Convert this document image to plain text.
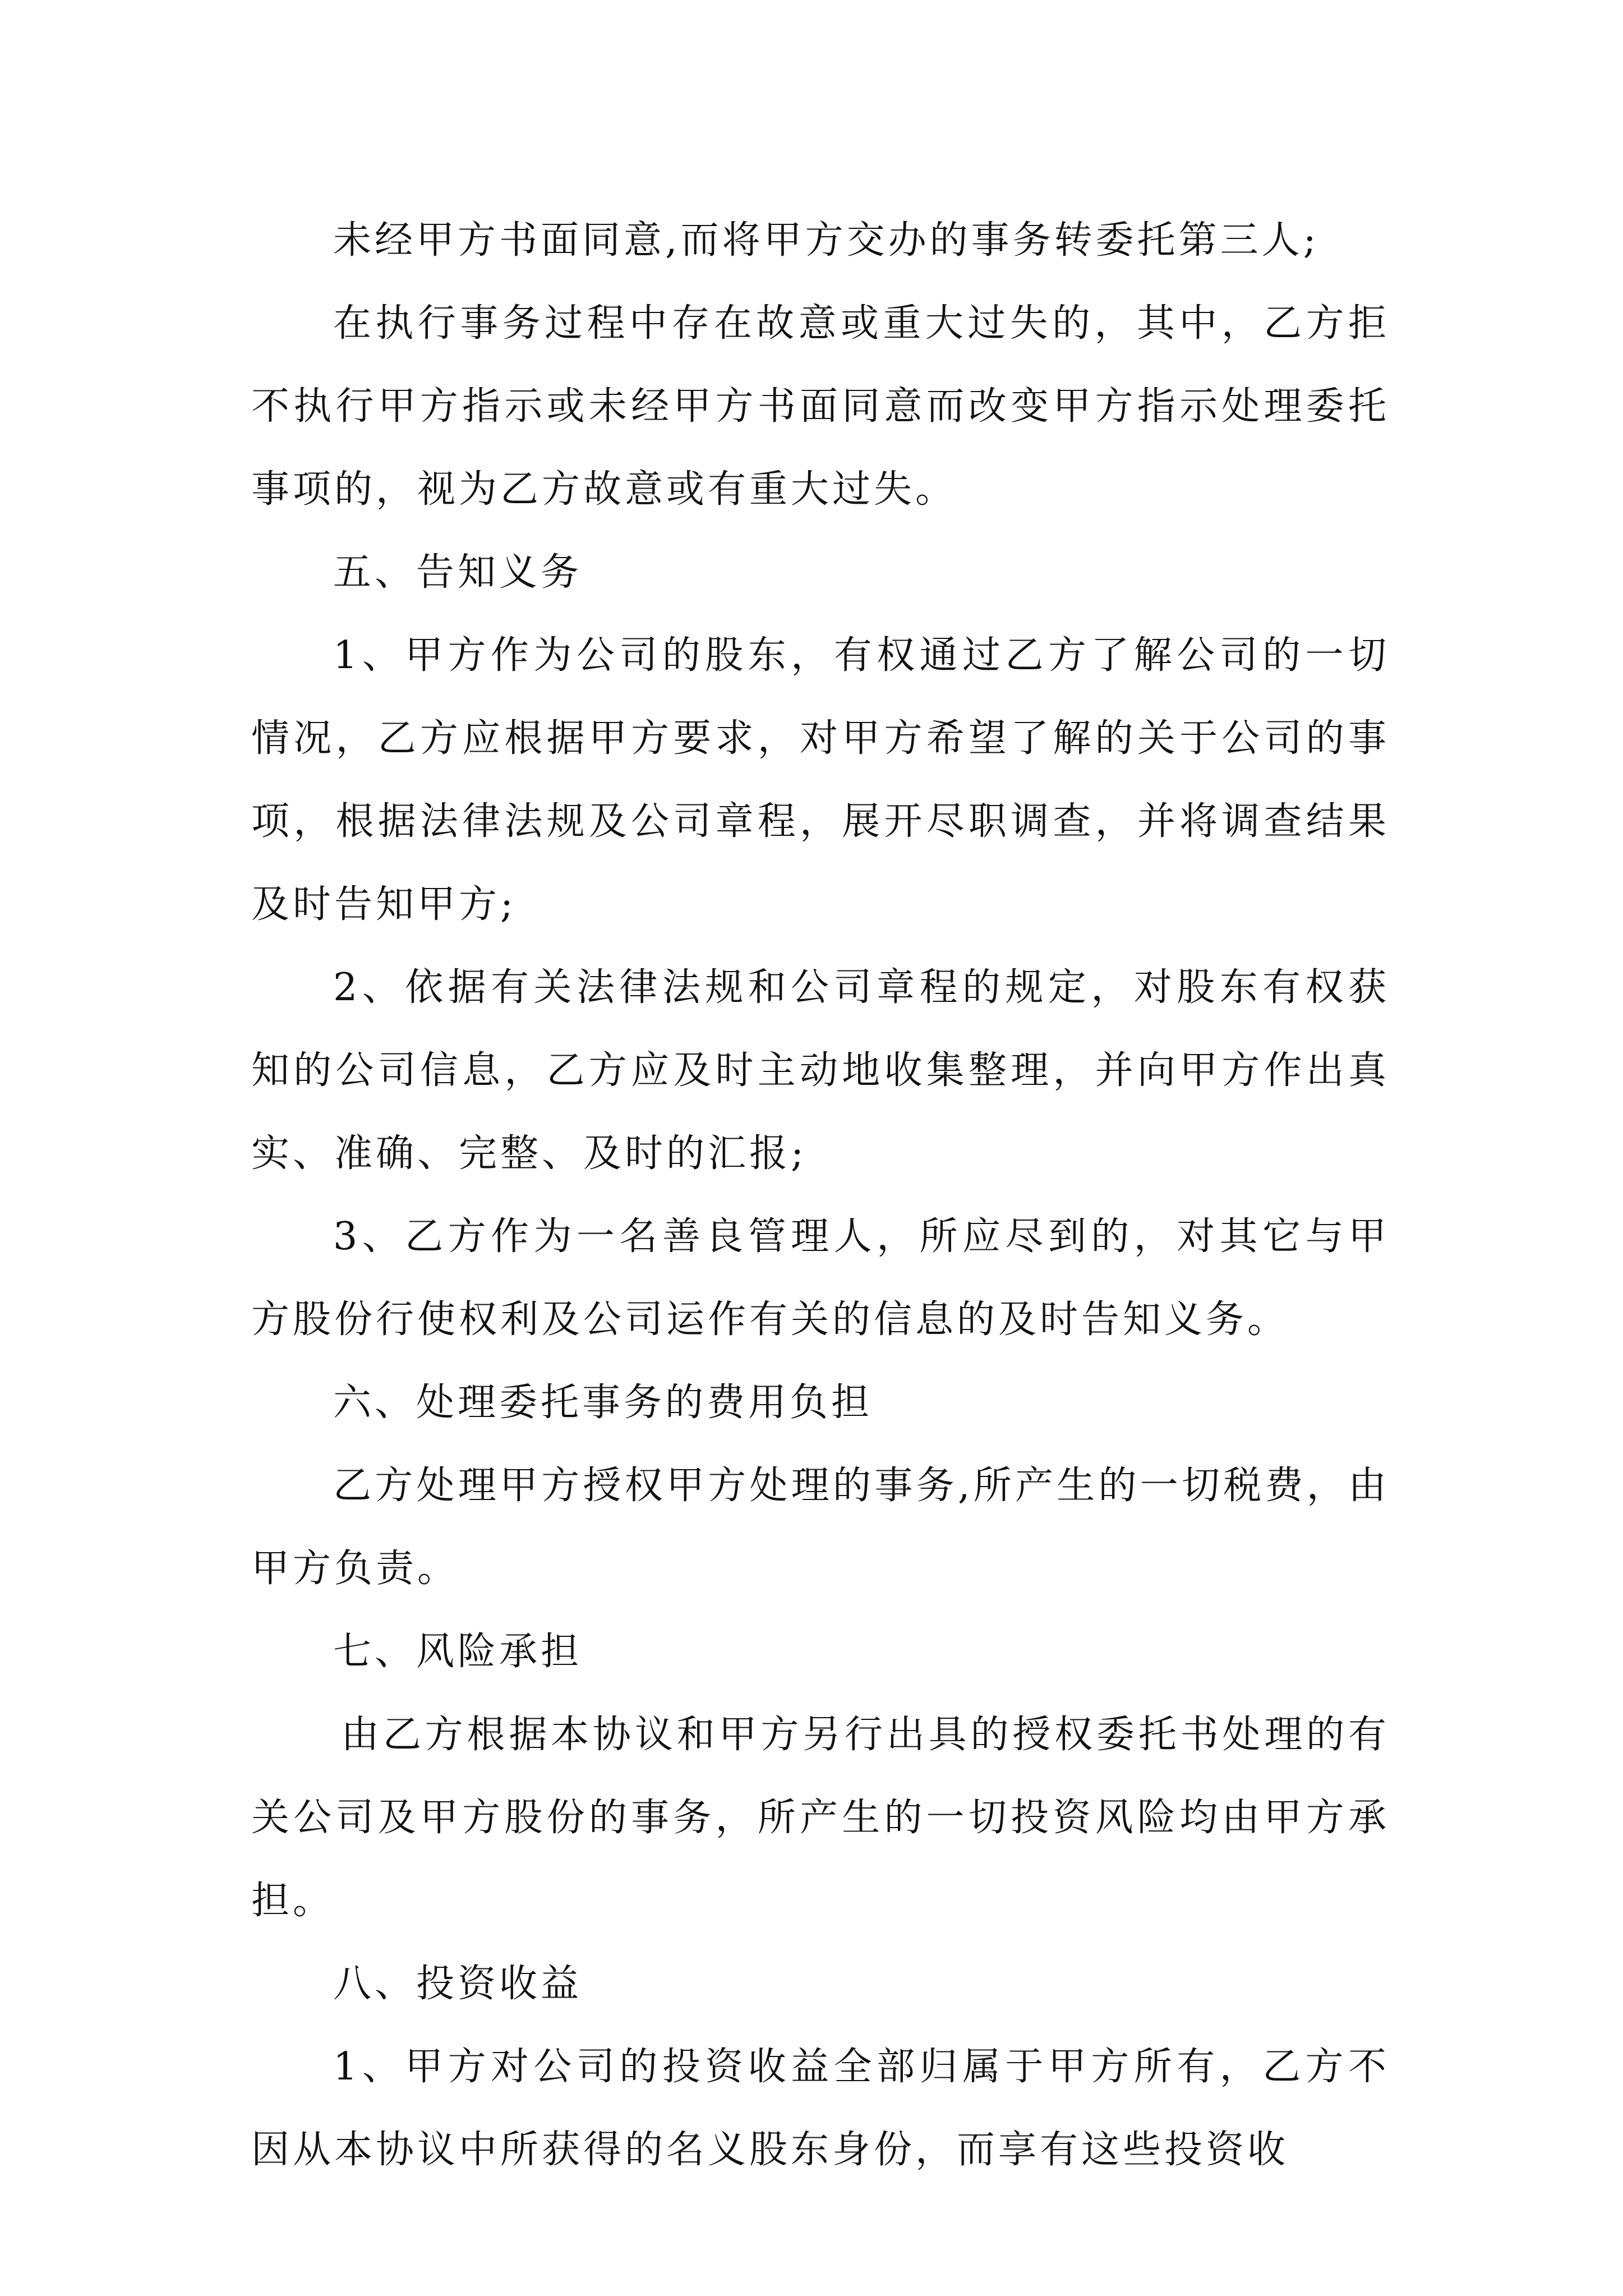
未经甲方书面同意,而将甲方交办的事务转委托第三人;

在执行事务过程中存在故意或重大过失的，其中，乙方拒不执行甲方指示或未经甲方书面同意而改变甲方指示处理委托事项的，视为乙方故意或有重大过失。

五、告知义务

1、甲方作为公司的股东，有权通过乙方了解公司的一切情况，乙方应根据甲方要求，对甲方希望了解的关于公司的事项，根据法律法规及公司章程，展开尽职调查，并将调查结果及时告知甲方;

2、依据有关法律法规和公司章程的规定，对股东有权获知的公司信息，乙方应及时主动地收集整理，并向甲方作出真实、准确、完整、及时的汇报;

3、乙方作为一名善良管理人，所应尽到的，对其它与甲方股份行使权利及公司运作有关的信息的及时告知义务。

六、处理委托事务的费用负担

乙方处理甲方授权甲方处理的事务,所产生的一切税费，由甲方负责。

七、风险承担

由乙方根据本协议和甲方另行出具的授权委托书处理的有关公司及甲方股份的事务，所产生的一切投资风险均由甲方承担。

八、投资收益

1、甲方对公司的投资收益全部归属于甲方所有，乙方不因从本协议中所获得的名义股东身份，而享有这些投资收
